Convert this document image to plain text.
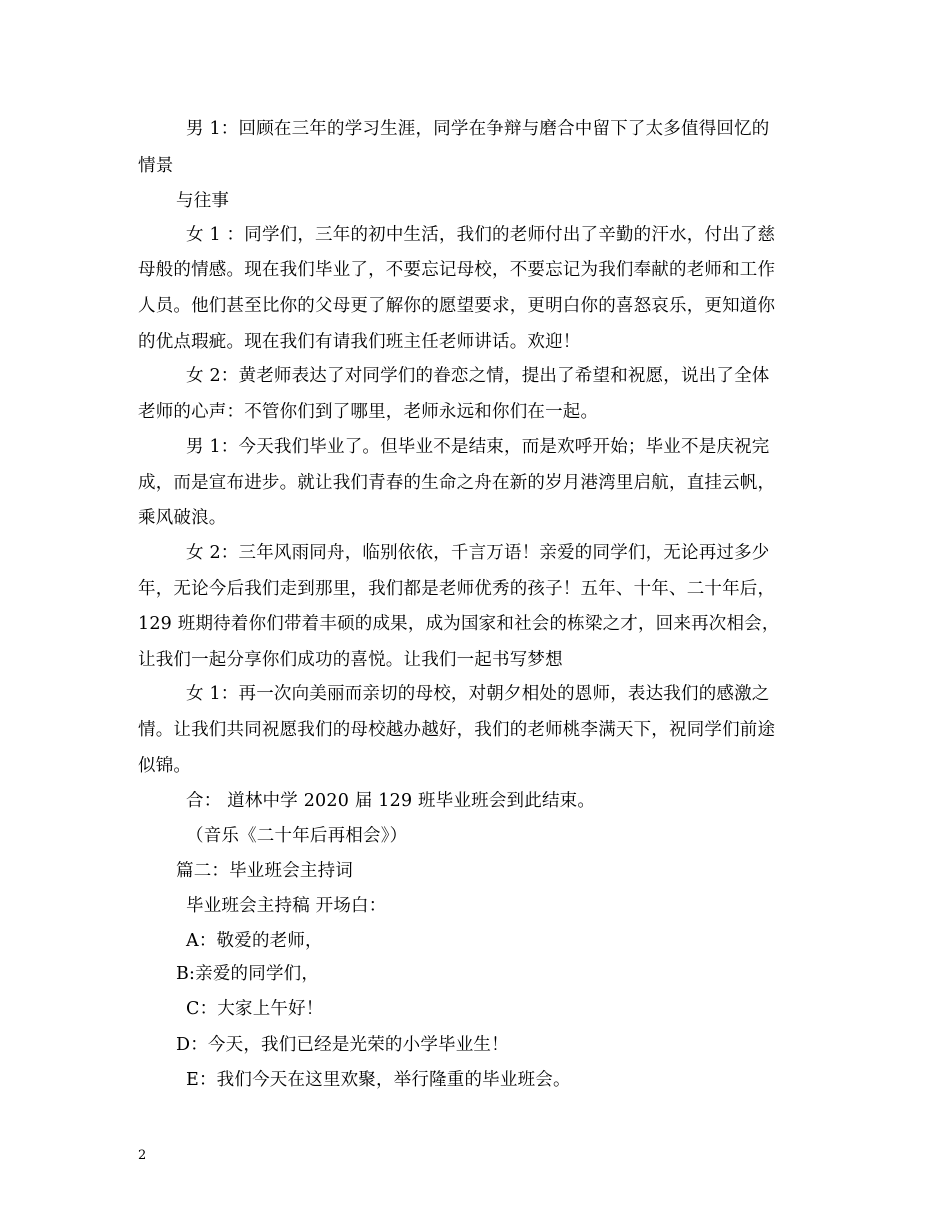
男 1：回顾在三年的学习生涯，同学在争辩与磨合中留下了太多值得回忆的
情景
与往事
女 1 ：同学们，三年的初中生活，我们的老师付出了辛勤的汗水，付出了慈
母般的情感。现在我们毕业了，不要忘记母校，不要忘记为我们奉献的老师和工作
人员。他们甚至比你的父母更了解你的愿望要求，更明白你的喜怒哀乐，更知道你
的优点瑕疵。现在我们有请我们班主任老师讲话。欢迎！
女 2：黄老师表达了对同学们的眷恋之情，提出了希望和祝愿，说出了全体
老师的心声：不管你们到了哪里，老师永远和你们在一起。
男 1：今天我们毕业了。但毕业不是结束，而是欢呼开始；毕业不是庆祝完
成，而是宣布进步。就让我们青春的生命之舟在新的岁月港湾里启航，直挂云帆，
乘风破浪。
女 2：三年风雨同舟，临别依依，千言万语！亲爱的同学们，无论再过多少
年，无论今后我们走到那里，我们都是老师优秀的孩子！五年、十年、二十年后，
129 班期待着你们带着丰硕的成果，成为国家和社会的栋梁之才，回来再次相会，
让我们一起分享你们成功的喜悦。让我们一起书写梦想
女 1：再一次向美丽而亲切的母校，对朝夕相处的恩师，表达我们的感激之
情。让我们共同祝愿我们的母校越办越好，我们的老师桃李满天下，祝同学们前途
似锦。
合： 道林中学 2020 届 129 班毕业班会到此结束。
（音乐《二十年后再相会》）
篇二：毕业班会主持词
毕业班会主持稿 开场白：
A：敬爱的老师，
B:亲爱的同学们，
C：大家上午好！
D：今天，我们已经是光荣的小学毕业生！
E：我们今天在这里欢聚，举行隆重的毕业班会。
2
